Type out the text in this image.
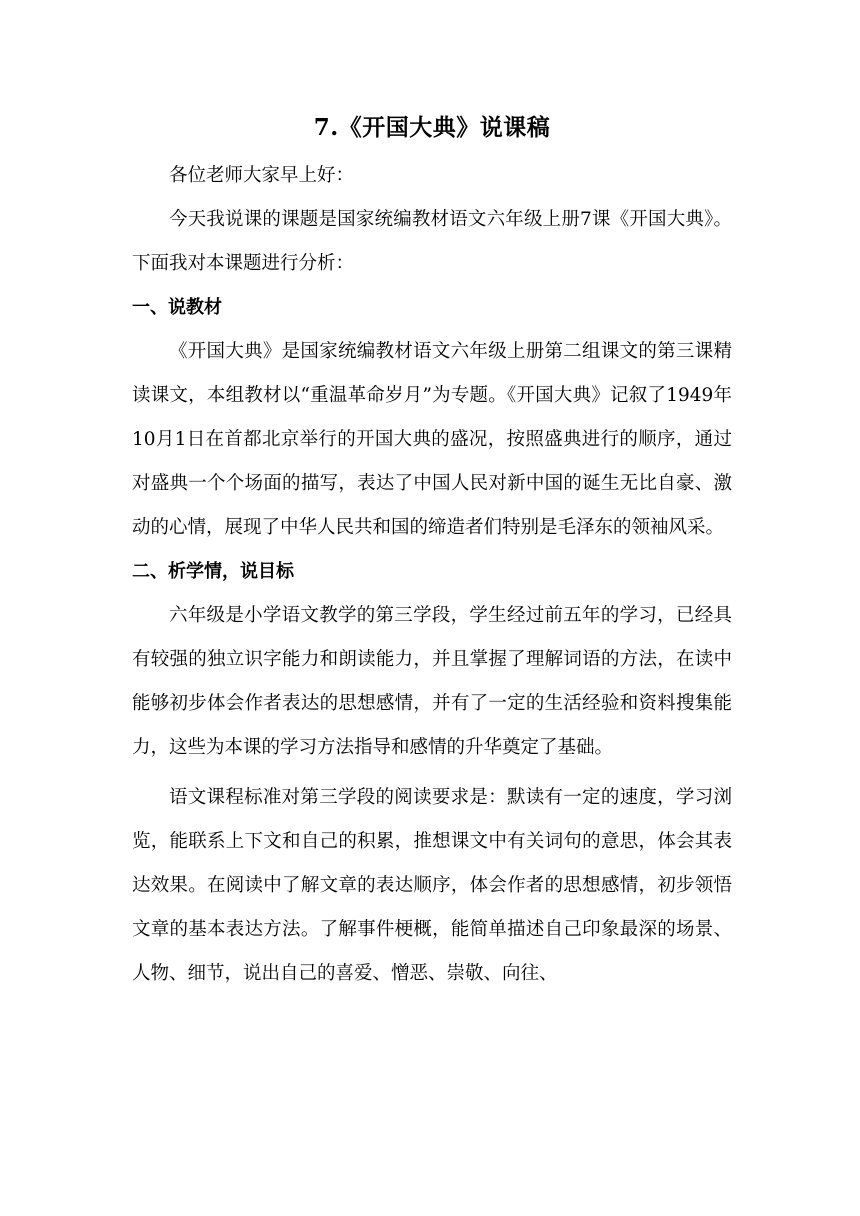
7.《开国大典》说课稿

各位老师大家早上好：

今天我说课的课题是国家统编教材语文六年级上册7课《开国大典》。下面我对本课题进行分析：

一、说教材

《开国大典》是国家统编教材语文六年级上册第二组课文的第三课精读课文，本组教材以“重温革命岁月”为专题。《开国大典》记叙了1949年10月1日在首都北京举行的开国大典的盛况，按照盛典进行的顺序，通过对盛典一个个场面的描写，表达了中国人民对新中国的诞生无比自豪、激动的心情，展现了中华人民共和国的缔造者们特别是毛泽东的领袖风采。

二、析学情，说目标

六年级是小学语文教学的第三学段，学生经过前五年的学习，已经具有较强的独立识字能力和朗读能力，并且掌握了理解词语的方法，在读中能够初步体会作者表达的思想感情，并有了一定的生活经验和资料搜集能力，这些为本课的学习方法指导和感情的升华奠定了基础。

语文课程标准对第三学段的阅读要求是：默读有一定的速度，学习浏览，能联系上下文和自己的积累，推想课文中有关词句的意思，体会其表达效果。在阅读中了解文章的表达顺序，体会作者的思想感情，初步领悟文章的基本表达方法。了解事件梗概，能简单描述自己印象最深的场景、人物、细节，说出自己的喜爱、憎恶、崇敬、向往、
